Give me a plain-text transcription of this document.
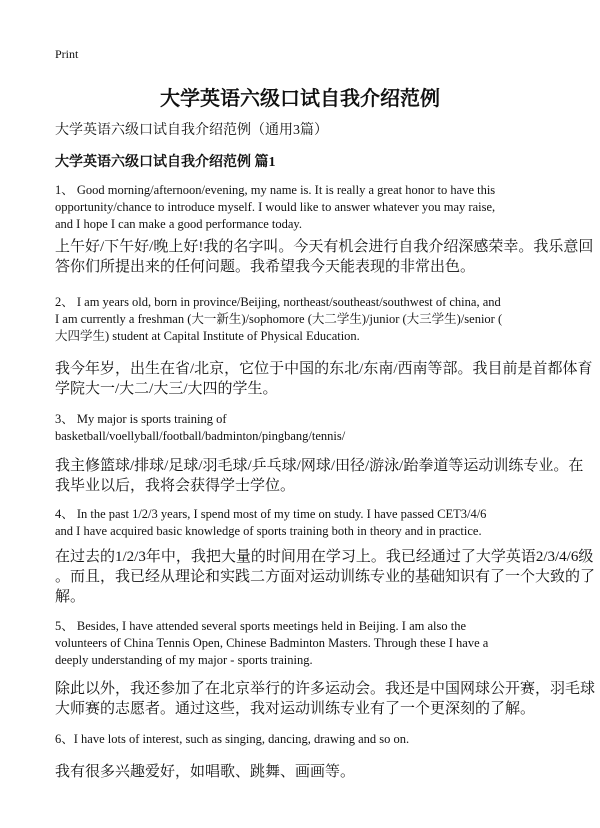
Print
大学英语六级口试自我介绍范例
大学英语六级口试自我介绍范例（通用3篇）
大学英语六级口试自我介绍范例 篇1
1、 Good morning/afternoon/evening, my name is. It is really a great honor to have this
opportunity/chance to introduce myself. I would like to answer whatever you may raise,
and I hope I can make a good performance today.
上午好/下午好/晚上好!我的名字叫。今天有机会进行自我介绍深感荣幸。我乐意回
答你们所提出来的任何问题。我希望我今天能表现的非常出色。
2、 I am years old, born in province/Beijing, northeast/southeast/southwest of china, and
I am currently a freshman (大一新生)/sophomore (大二学生)/junior (大三学生)/senior (
大四学生) student at Capital Institute of Physical Education.
我今年岁，出生在省/北京，它位于中国的东北/东南/西南等部。我目前是首都体育
学院大一/大二/大三/大四的学生。
3、 My major is sports training of
basketball/voellyball/football/badminton/pingbang/tennis/
我主修篮球/排球/足球/羽毛球/乒乓球/网球/田径/游泳/跆拳道等运动训练专业。在
我毕业以后，我将会获得学士学位。
4、 In the past 1/2/3 years, I spend most of my time on study. I have passed CET3/4/6
and I have acquired basic knowledge of sports training both in theory and in practice.
在过去的1/2/3年中，我把大量的时间用在学习上。我已经通过了大学英语2/3/4/6级
。而且，我已经从理论和实践二方面对运动训练专业的基础知识有了一个大致的了
解。
5、 Besides, I have attended several sports meetings held in Beijing. I am also the
volunteers of China Tennis Open, Chinese Badminton Masters. Through these I have a
deeply understanding of my major - sports training.
除此以外，我还参加了在北京举行的许多运动会。我还是中国网球公开赛，羽毛球
大师赛的志愿者。通过这些，我对运动训练专业有了一个更深刻的了解。
6、I have lots of interest, such as singing, dancing, drawing and so on.
我有很多兴趣爱好，如唱歌、跳舞、画画等。
